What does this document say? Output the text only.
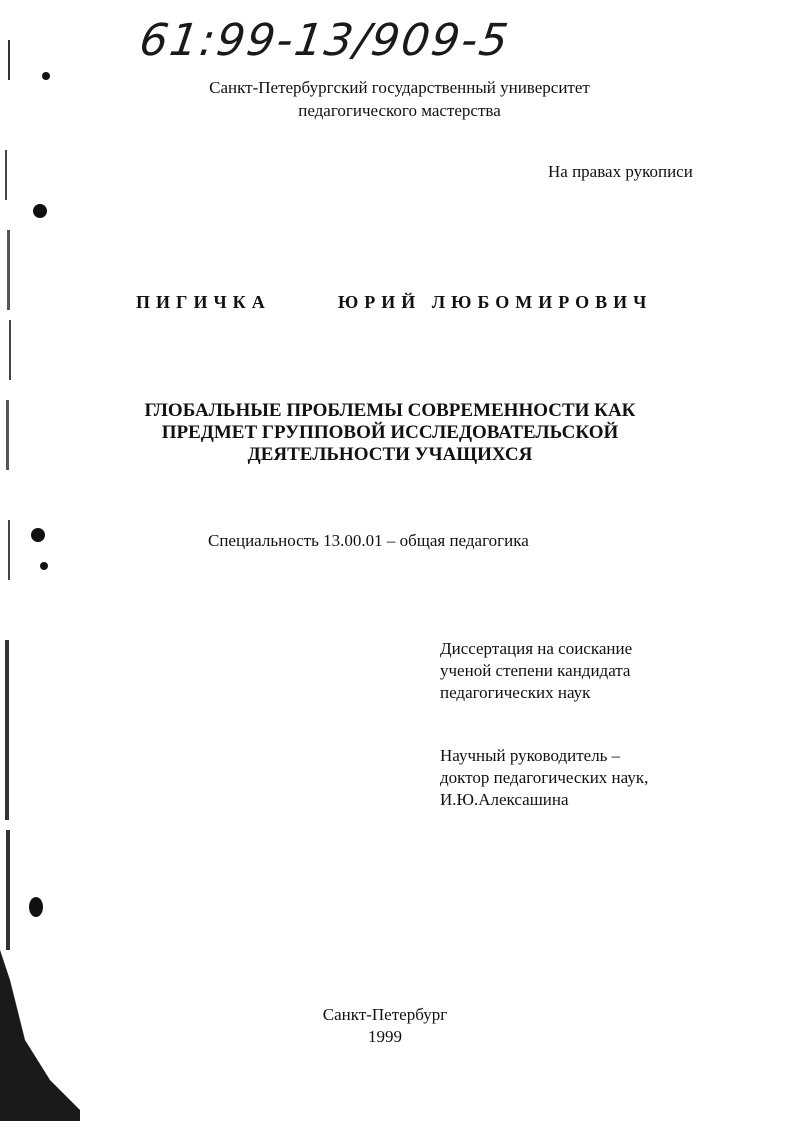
61:99-13/909-5
Санкт-Петербургский государственный университет
педагогического мастерства
На правах рукописи
ПИГИЧКА	ЮРИЙ ЛЮБОМИРОВИЧ
ГЛОБАЛЬНЫЕ ПРОБЛЕМЫ СОВРЕМЕННОСТИ КАК
ПРЕДМЕТ ГРУППОВОЙ ИССЛЕДОВАТЕЛЬСКОЙ
ДЕЯТЕЛЬНОСТИ УЧАЩИХСЯ
Специальность 13.00.01 – общая педагогика
Диссертация на соискание
ученой степени кандидата
педагогических наук
Научный руководитель –
доктор педагогических наук,
И.Ю.Алексашина
Санкт-Петербург
1999
